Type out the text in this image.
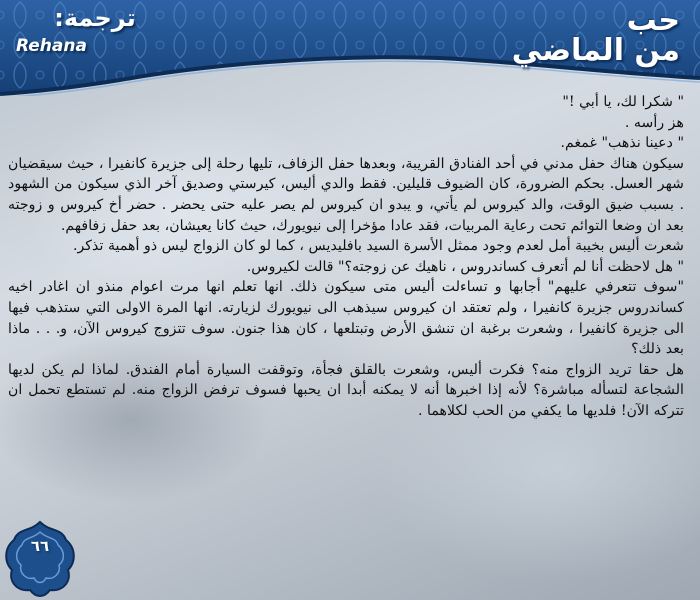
حب
من الماضي
ترجمة:
Rehana

" شكرا لك، يا أبي !"

هز رأسه .

" دعينا نذهب" غمغم.

سيكون هناك حفل مدني في أحد الفنادق القريبة، وبعدها حفل الزفاف، تليها رحلة إلى جزيرة كانفيرا ، حيث سيقضيان شهر العسل. بحكم الضرورة، كان الضيوف قليلين. فقط والدي أليس، كيرستي وصديق آخر الذي سيكون من الشهود . بسبب ضيق الوقت، والد كيروس لم يأتي، و يبدو ان كيروس لم يصر عليه حتى يحضر . حضر أخ كيروس و زوجته بعد ان وضعا التوائم تحت رعاية المربيات، فقد عادا مؤخرا إلى نيويورك، حيث كانا يعيشان، بعد حفل زفافهم.

شعرت أليس بخيبة أمل لعدم وجود ممثل الأسرة السيد بافليديس ، كما لو كان الزواج ليس ذو أهمية تذكر.

" هل لاحظت أنا لم أتعرف كساندروس ، ناهيك عن زوجته؟" قالت لكيروس.

"سوف تتعرفي عليهم" أجابها و تساءلت أليس متى سيكون ذلك. انها تعلم انها مرت اعوام منذو ان اغادر اخيه كساندروس جزيرة كانفيرا ، ولم تعتقد ان كيروس سيذهب الى نيويورك لزيارته. انها المرة الاولى التي ستذهب فيها الى جزيرة كانفيرا ، وشعرت برغبة ان تنشق الأرض وتبتلعها ، كان هذا جنون. سوف تتزوج كيروس الآن، و. . . ماذا بعد ذلك؟

هل حقا تريد الزواج منه؟ فكرت أليس، وشعرت بالقلق فجأة، وتوقفت السيارة أمام الفندق. لماذا لم يكن لديها الشجاعة لتسأله مباشرة؟ لأنه إذا اخبرها أنه لا يمكنه أبدا ان يحبها فسوف ترفض الزواج منه. لم تستطع تحمل ان تتركه الآن! فلديها ما يكفي من الحب لكلاهما .

٦٦
